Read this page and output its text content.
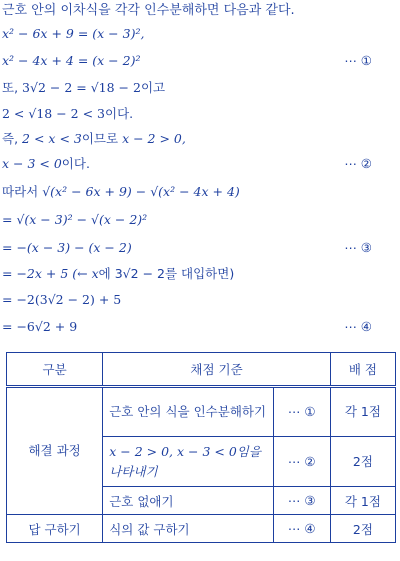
근호 안의 이차식을 각각 인수분해하면 다음과 같다.
x² − 6x + 9 = (x − 3)²,
x² − 4x + 4 = (x − 2)²	⋯ ①
또, 3√2 − 2 = √18 − 2이고
2 < √18 − 2 < 3이다.
즉, 2 < x < 3이므로 x − 2 > 0,
x − 3 < 0이다.	⋯ ②
따라서 √(x² − 6x + 9) − √(x² − 4x + 4)
= √(x − 3)² − √(x − 2)²
= −(x − 3) − (x − 2)	⋯ ③
= −2x + 5 (← x에 3√2 − 2를 대입하면)
= −2(3√2 − 2) + 5
= −6√2 + 9	⋯ ④
구분	채점 기준		배 점
해결 과정	근호 안의 식을 인수분해하기	⋯ ①	각 1점
	x − 2 > 0, x − 3 < 0임을 나타내기	⋯ ②	2점
	근호 없애기	⋯ ③	각 1점
답 구하기	식의 값 구하기	⋯ ④	2점
